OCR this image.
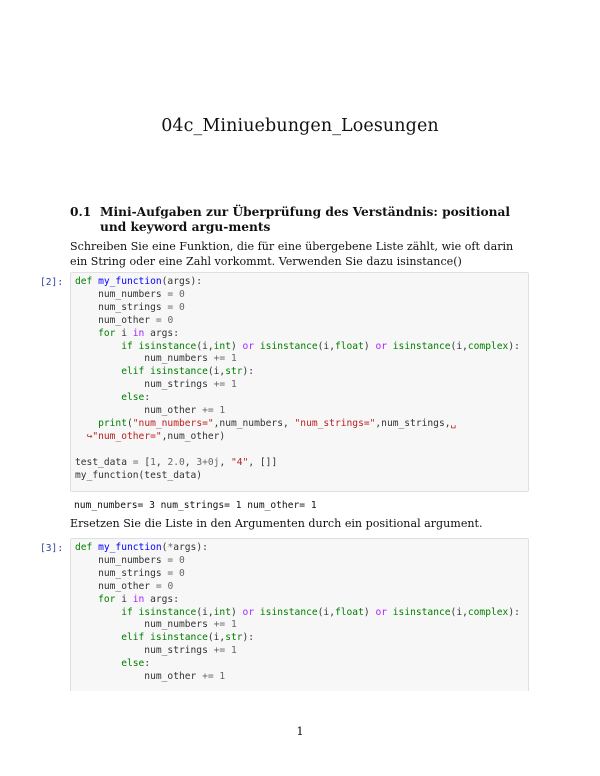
04c_Miniuebungen_Loesungen
0.1 Mini-Aufgaben zur Überprüfung des Verständnis: positional und keyword argu-ments
Schreiben Sie eine Funktion, die für eine übergebene Liste zählt, wie oft darin ein String oder eine Zahl vorkommt. Verwenden Sie dazu isinstance()
[2]:	def my_function(args):
num_numbers = 0
num_strings = 0
num_other = 0
for i in args:
if isinstance(i,int) or isinstance(i,float) or isinstance(i,complex):
num_numbers += 1
elif isinstance(i,str):
num_strings += 1
else:
num_other += 1
print("num_numbers=",num_numbers, "num_strings=",num_strings,␣
↪"num_other=",num_other)

test_data = [1, 2.0, 3+0j, "4", []]
my_function(test_data)
num_numbers= 3 num_strings= 1 num_other= 1
Ersetzen Sie die Liste in den Argumenten durch ein positional argument.
[3]:	def my_function(*args):
num_numbers = 0
num_strings = 0
num_other = 0
for i in args:
if isinstance(i,int) or isinstance(i,float) or isinstance(i,complex):
num_numbers += 1
elif isinstance(i,str):
num_strings += 1
else:
num_other += 1
1
